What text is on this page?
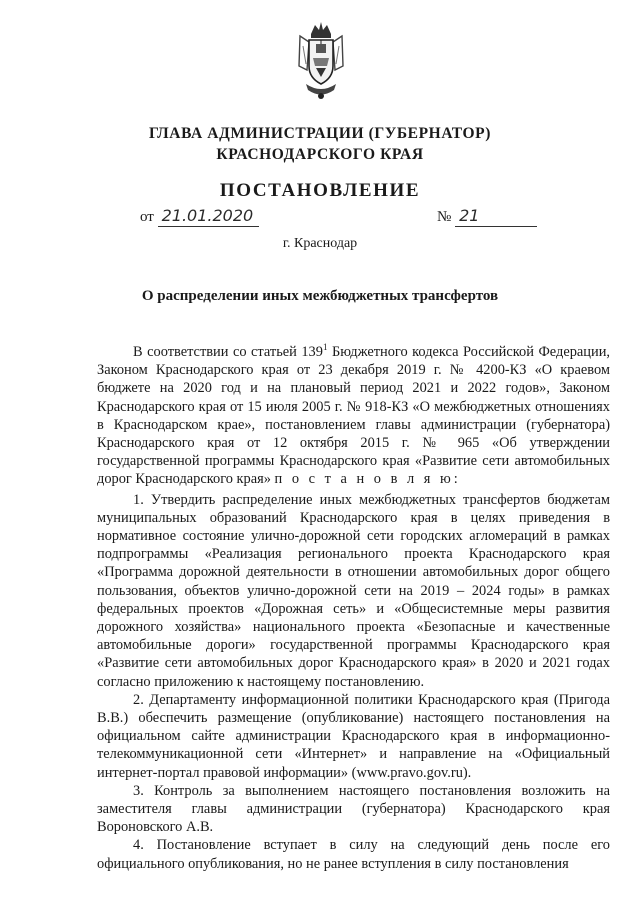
ГЛАВА АДМИНИСТРАЦИИ (ГУБЕРНАТОР)
КРАСНОДАРСКОГО КРАЯ
ПОСТАНОВЛЕНИЕ
от 21.01.2020	№ 21
г. Краснодар
О распределении иных межбюджетных трансфертов

В соответствии со статьей $139^1$ Бюджетного кодекса Российской Федерации, Законом Краснодарского края от 23 декабря 2019 г. № 4200-КЗ «О краевом бюджете на 2020 год и на плановый период 2021 и 2022 годов», Законом Краснодарского края от 15 июля 2005 г. № 918-КЗ «О межбюджетных отношениях в Краснодарском крае», постановлением главы администрации (губернатора) Краснодарского края от 12 октября 2015 г. № 965 «Об утверждении государственной программы Краснодарского края «Развитие сети автомобильных дорог Краснодарского края» п о с т а н о в л я ю:

1. Утвердить распределение иных межбюджетных трансфертов бюджетам муниципальных образований Краснодарского края в целях приведения в нормативное состояние улично-дорожной сети городских агломераций в рамках подпрограммы «Реализация регионального проекта Краснодарского края «Программа дорожной деятельности в отношении автомобильных дорог общего пользования, объектов улично-дорожной сети на 2019 – 2024 годы» в рамках федеральных проектов «Дорожная сеть» и «Общесистемные меры развития дорожного хозяйства» национального проекта «Безопасные и качественные автомобильные дороги» государственной программы Краснодарского края «Развитие сети автомобильных дорог Краснодарского края» в 2020 и 2021 годах согласно приложению к настоящему постановлению.

2. Департаменту информационной политики Краснодарского края (Пригода В.В.) обеспечить размещение (опубликование) настоящего постановления на официальном сайте администрации Краснодарского края в информационно-телекоммуникационной сети «Интернет» и направление на «Официальный интернет-портал правовой информации» (www.pravo.gov.ru).

3. Контроль за выполнением настоящего постановления возложить на заместителя главы администрации (губернатора) Краснодарского края Вороновского А.В.

4. Постановление вступает в силу на следующий день после его официального опубликования, но не ранее вступления в силу постановления
